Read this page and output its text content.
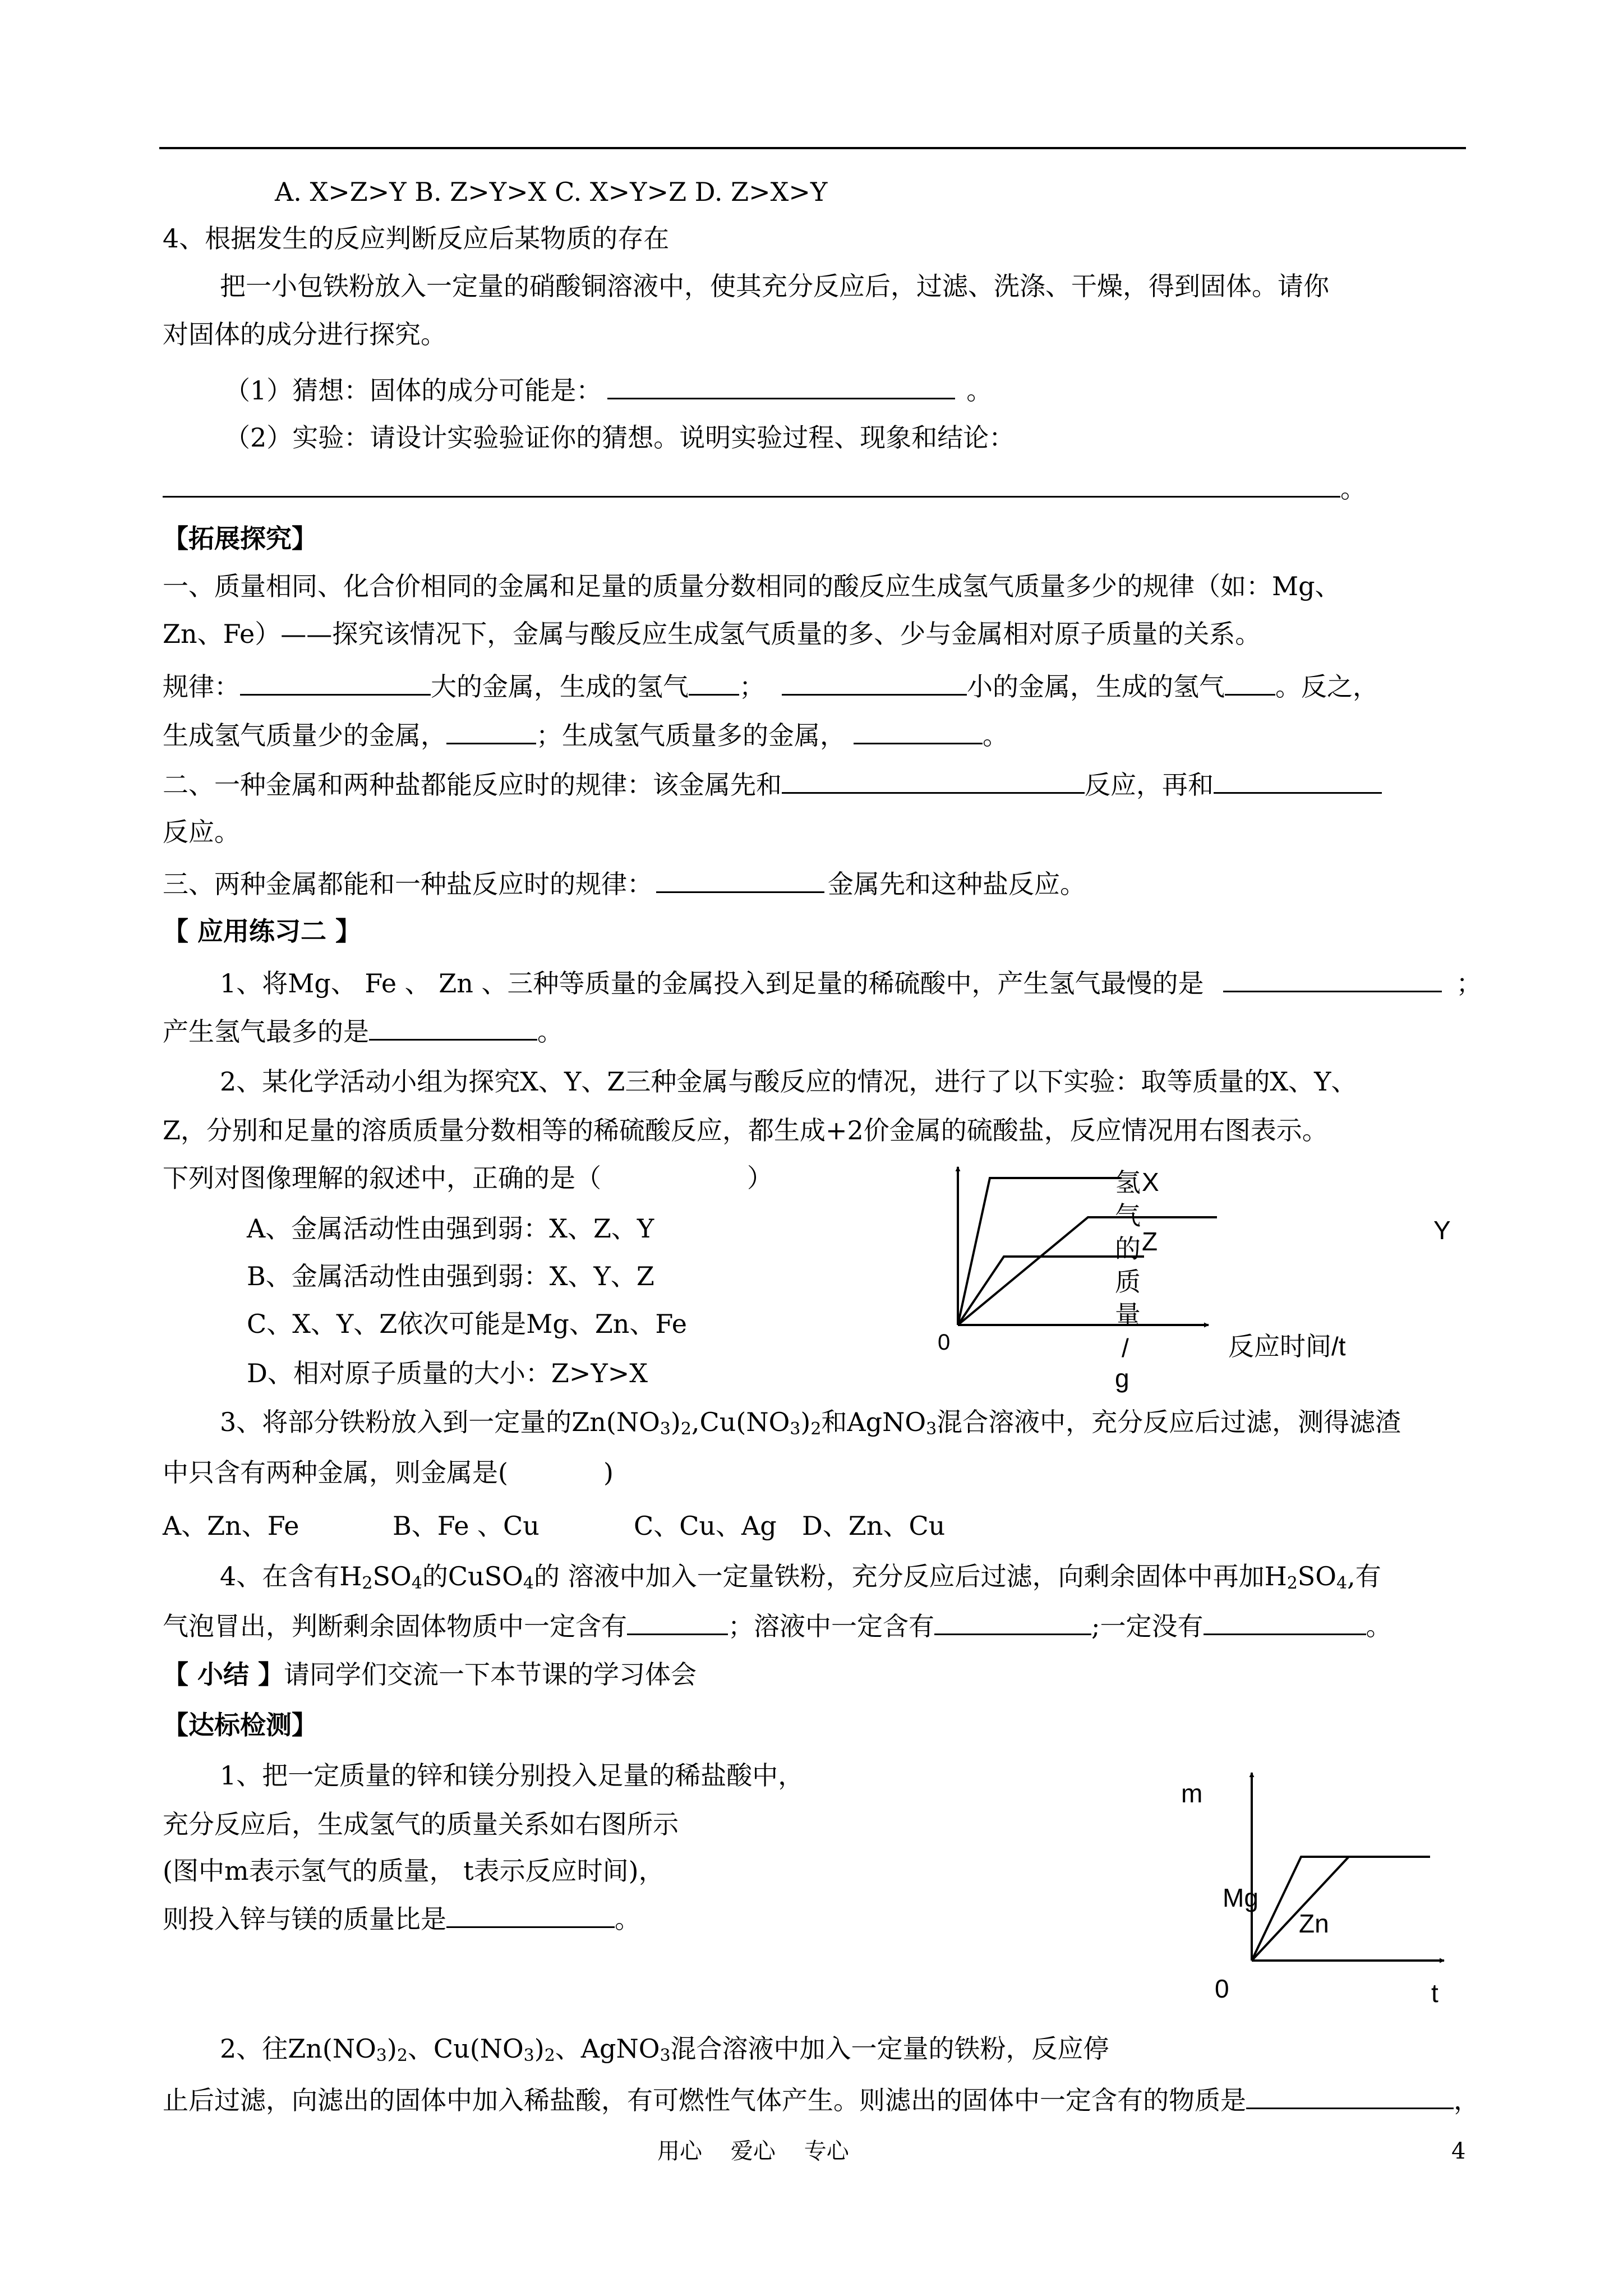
A. X>Z>Y B. Z>Y>X C. X>Y>Z D. Z>X>Y
4、根据发生的反应判断反应后某物质的存在
把一小包铁粉放入一定量的硝酸铜溶液中，使其充分反应后，过滤、洗涤、干燥，得到固体。请你
对固体的成分进行探究。
（1）猜想：固体的成分可能是：	。
（2）实验：请设计实验验证你的猜想。说明实验过程、现象和结论：
。
【拓展探究】
一、质量相同、化合价相同的金属和足量的质量分数相同的酸反应生成氢气质量多少的规律（如：Mg、
Zn、Fe）——探究该情况下，金属与酸反应生成氢气质量的多、少与金属相对原子质量的关系。
规律：	大的金属，生成的氢气 ；	小的金属，生成的氢气 。反之，
生成氢气质量少的金属，	；生成氢气质量多的金属，	。
二、一种金属和两种盐都能反应时的规律：该金属先和	反应，再和
反应。
三、两种金属都能和一种盐反应时的规律：	金属先和这种盐反应。
【 应用练习二 】
1、将Mg、 Fe 、 Zn 、三种等质量的金属投入到足量的稀硫酸中，产生氢气最慢的是	；
产生氢气最多的是	。
2、某化学活动小组为探究X、Y、Z三种金属与酸反应的情况，进行了以下实验：取等质量的X、Y、
Z，分别和足量的溶质质量分数相等的稀硫酸反应，都生成+2价金属的硫酸盐，反应情况用右图表示。
下列对图像理解的叙述中，正确的是（	）
A、金属活动性由强到弱：X、Z、Y
B、金属活动性由强到弱：X、Y、Z
C、X、Y、Z依次可能是Mg、Zn、Fe
D、相对原子质量的大小：Z>Y>X
3、将部分铁粉放入到一定量的$Zn(NO_3)_2,Cu(NO_3)_2$和AgNO$_3$混合溶液中，充分反应后过滤，测得滤渣
中只含有两种金属，则金属是(	)
A、Zn、Fe	B、Fe 、Cu	C、Cu、Ag D、Zn、Cu
4、在含有$H_2SO_4$的CuSO$_4$的 溶液中加入一定量铁粉，充分反应后过滤，向剩余固体中再加$H_2SO_4$,有
气泡冒出，判断剩余固体物质中一定含有	；溶液中一定含有	;一定没有	。
【 小结 】请同学们交流一下本节课的学习体会
【达标检测】
1、把一定质量的锌和镁分别投入足量的稀盐酸中，
充分反应后，生成氢气的质量关系如右图所示
(图中m表示氢气的质量， t表示反应时间)，
则投入锌与镁的质量比是	。
2、往$Zn(NO_3)_2$、$Cu(NO_3)_2$、AgNO$_3$混合溶液中加入一定量的铁粉，反应停
止后过滤，向滤出的固体中加入稀盐酸，有可燃性气体产生。则滤出的固体中一定含有的物质是	，
用心    爱心    专心	4
X
Y
Z
氢
气
的
质
量
/
g
0	反应时间/t
m
Mg
Zn
0	t
